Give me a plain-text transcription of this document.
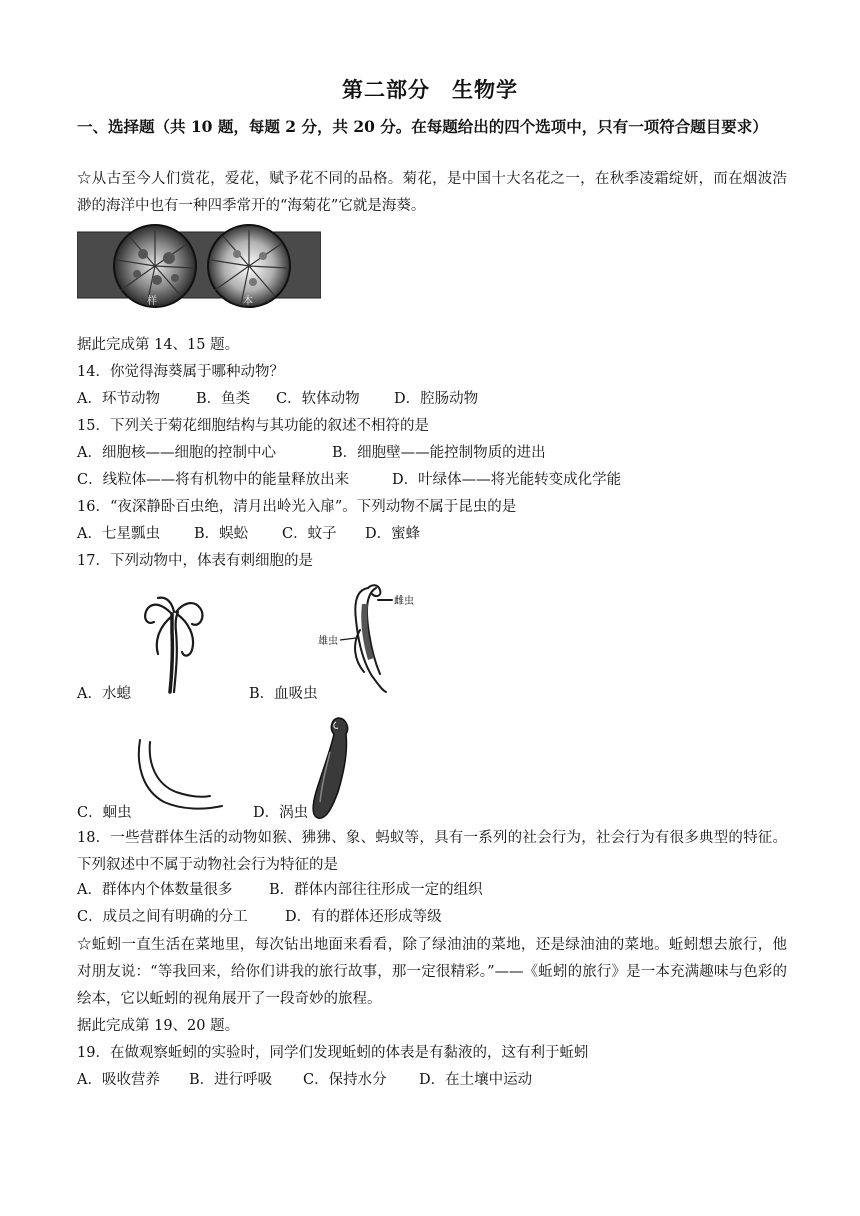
第二部分 生物学
一、选择题（共 10 题，每题 2 分，共 20 分。在每题给出的四个选项中，只有一项符合题目要求）
☆从古至今人们赏花，爱花，赋予花不同的品格。菊花，是中国十大名花之一，在秋季凌霜绽妍，而在烟波浩渺的海洋中也有一种四季常开的“海菊花”它就是海葵。
样	本
据此完成第 14、15 题。
14．你觉得海葵属于哪种动物？
A．环节动物 B．鱼类 C．软体动物 D．腔肠动物
15．下列关于菊花细胞结构与其功能的叙述不相符的是
A．细胞核——细胞的控制中心	B．细胞壁——能控制物质的进出
C．线粒体——将有机物中的能量释放出来	D．叶绿体——将光能转变成化学能
16．“夜深静卧百虫绝，清月出岭光入扉”。下列动物不属于昆虫的是
A．七星瓢虫 B．蜈蚣 C．蚊子 D．蜜蜂
17．下列动物中，体表有刺细胞的是
A．水螅
雌虫
雄虫
B．血吸虫
C．蛔虫	D．涡虫
18．一些营群体生活的动物如猴、狒狒、象、蚂蚁等，具有一系列的社会行为，社会行为有很多典型的特征。下列叙述中不属于动物社会行为特征的是
A．群体内个体数量很多	B．群体内部往往形成一定的组织
C．成员之间有明确的分工	D．有的群体还形成等级
☆蚯蚓一直生活在菜地里，每次钻出地面来看看，除了绿油油的菜地，还是绿油油的菜地。蚯蚓想去旅行，他对朋友说：“等我回来，给你们讲我的旅行故事，那一定很精彩。”——《蚯蚓的旅行》是一本充满趣味与色彩的绘本，它以蚯蚓的视角展开了一段奇妙的旅程。
据此完成第 19、20 题。
19．在做观察蚯蚓的实验时，同学们发现蚯蚓的体表是有黏液的，这有利于蚯蚓
A．吸收营养 B．进行呼吸 C．保持水分 D．在土壤中运动
